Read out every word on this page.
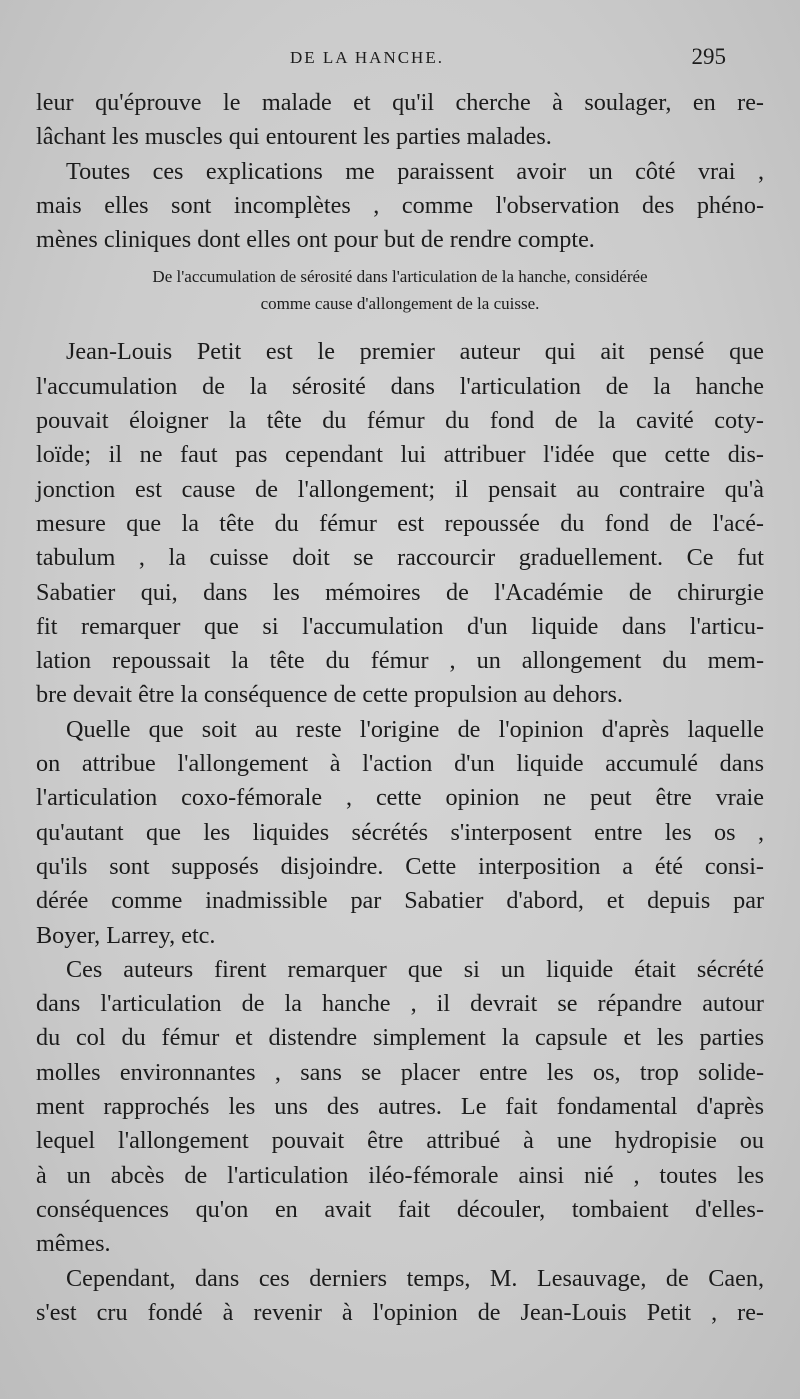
DE LA HANCHE.	295
leur qu'éprouve le malade et qu'il cherche à soulager, en re-
lâchant les muscles qui entourent les parties malades.
Toutes ces explications me paraissent avoir un côté vrai ,
mais elles sont incomplètes , comme l'observation des phéno-
mènes cliniques dont elles ont pour but de rendre compte.
De l'accumulation de sérosité dans l'articulation de la hanche, considérée
comme cause d'allongement de la cuisse.
Jean-Louis Petit est le premier auteur qui ait pensé que
l'accumulation de la sérosité dans l'articulation de la hanche
pouvait éloigner la tête du fémur du fond de la cavité coty-
loïde; il ne faut pas cependant lui attribuer l'idée que cette dis-
jonction est cause de l'allongement; il pensait au contraire qu'à
mesure que la tête du fémur est repoussée du fond de l'acé-
tabulum , la cuisse doit se raccourcir graduellement. Ce fut
Sabatier qui, dans les mémoires de l'Académie de chirurgie
fit remarquer que si l'accumulation d'un liquide dans l'articu-
lation repoussait la tête du fémur , un allongement du mem-
bre devait être la conséquence de cette propulsion au dehors.
Quelle que soit au reste l'origine de l'opinion d'après laquelle
on attribue l'allongement à l'action d'un liquide accumulé dans
l'articulation coxo-fémorale , cette opinion ne peut être vraie
qu'autant que les liquides sécrétés s'interposent entre les os ,
qu'ils sont supposés disjoindre. Cette interposition a été consi-
dérée comme inadmissible par Sabatier d'abord, et depuis par
Boyer, Larrey, etc.
Ces auteurs firent remarquer que si un liquide était sécrété
dans l'articulation de la hanche , il devrait se répandre autour
du col du fémur et distendre simplement la capsule et les parties
molles environnantes , sans se placer entre les os, trop solide-
ment rapprochés les uns des autres. Le fait fondamental d'après
lequel l'allongement pouvait être attribué à une hydropisie ou
à un abcès de l'articulation iléo-fémorale ainsi nié , toutes les
conséquences qu'on en avait fait découler, tombaient d'elles-
mêmes.
Cependant, dans ces derniers temps, M. Lesauvage, de Caen,
s'est cru fondé à revenir à l'opinion de Jean-Louis Petit , re-
